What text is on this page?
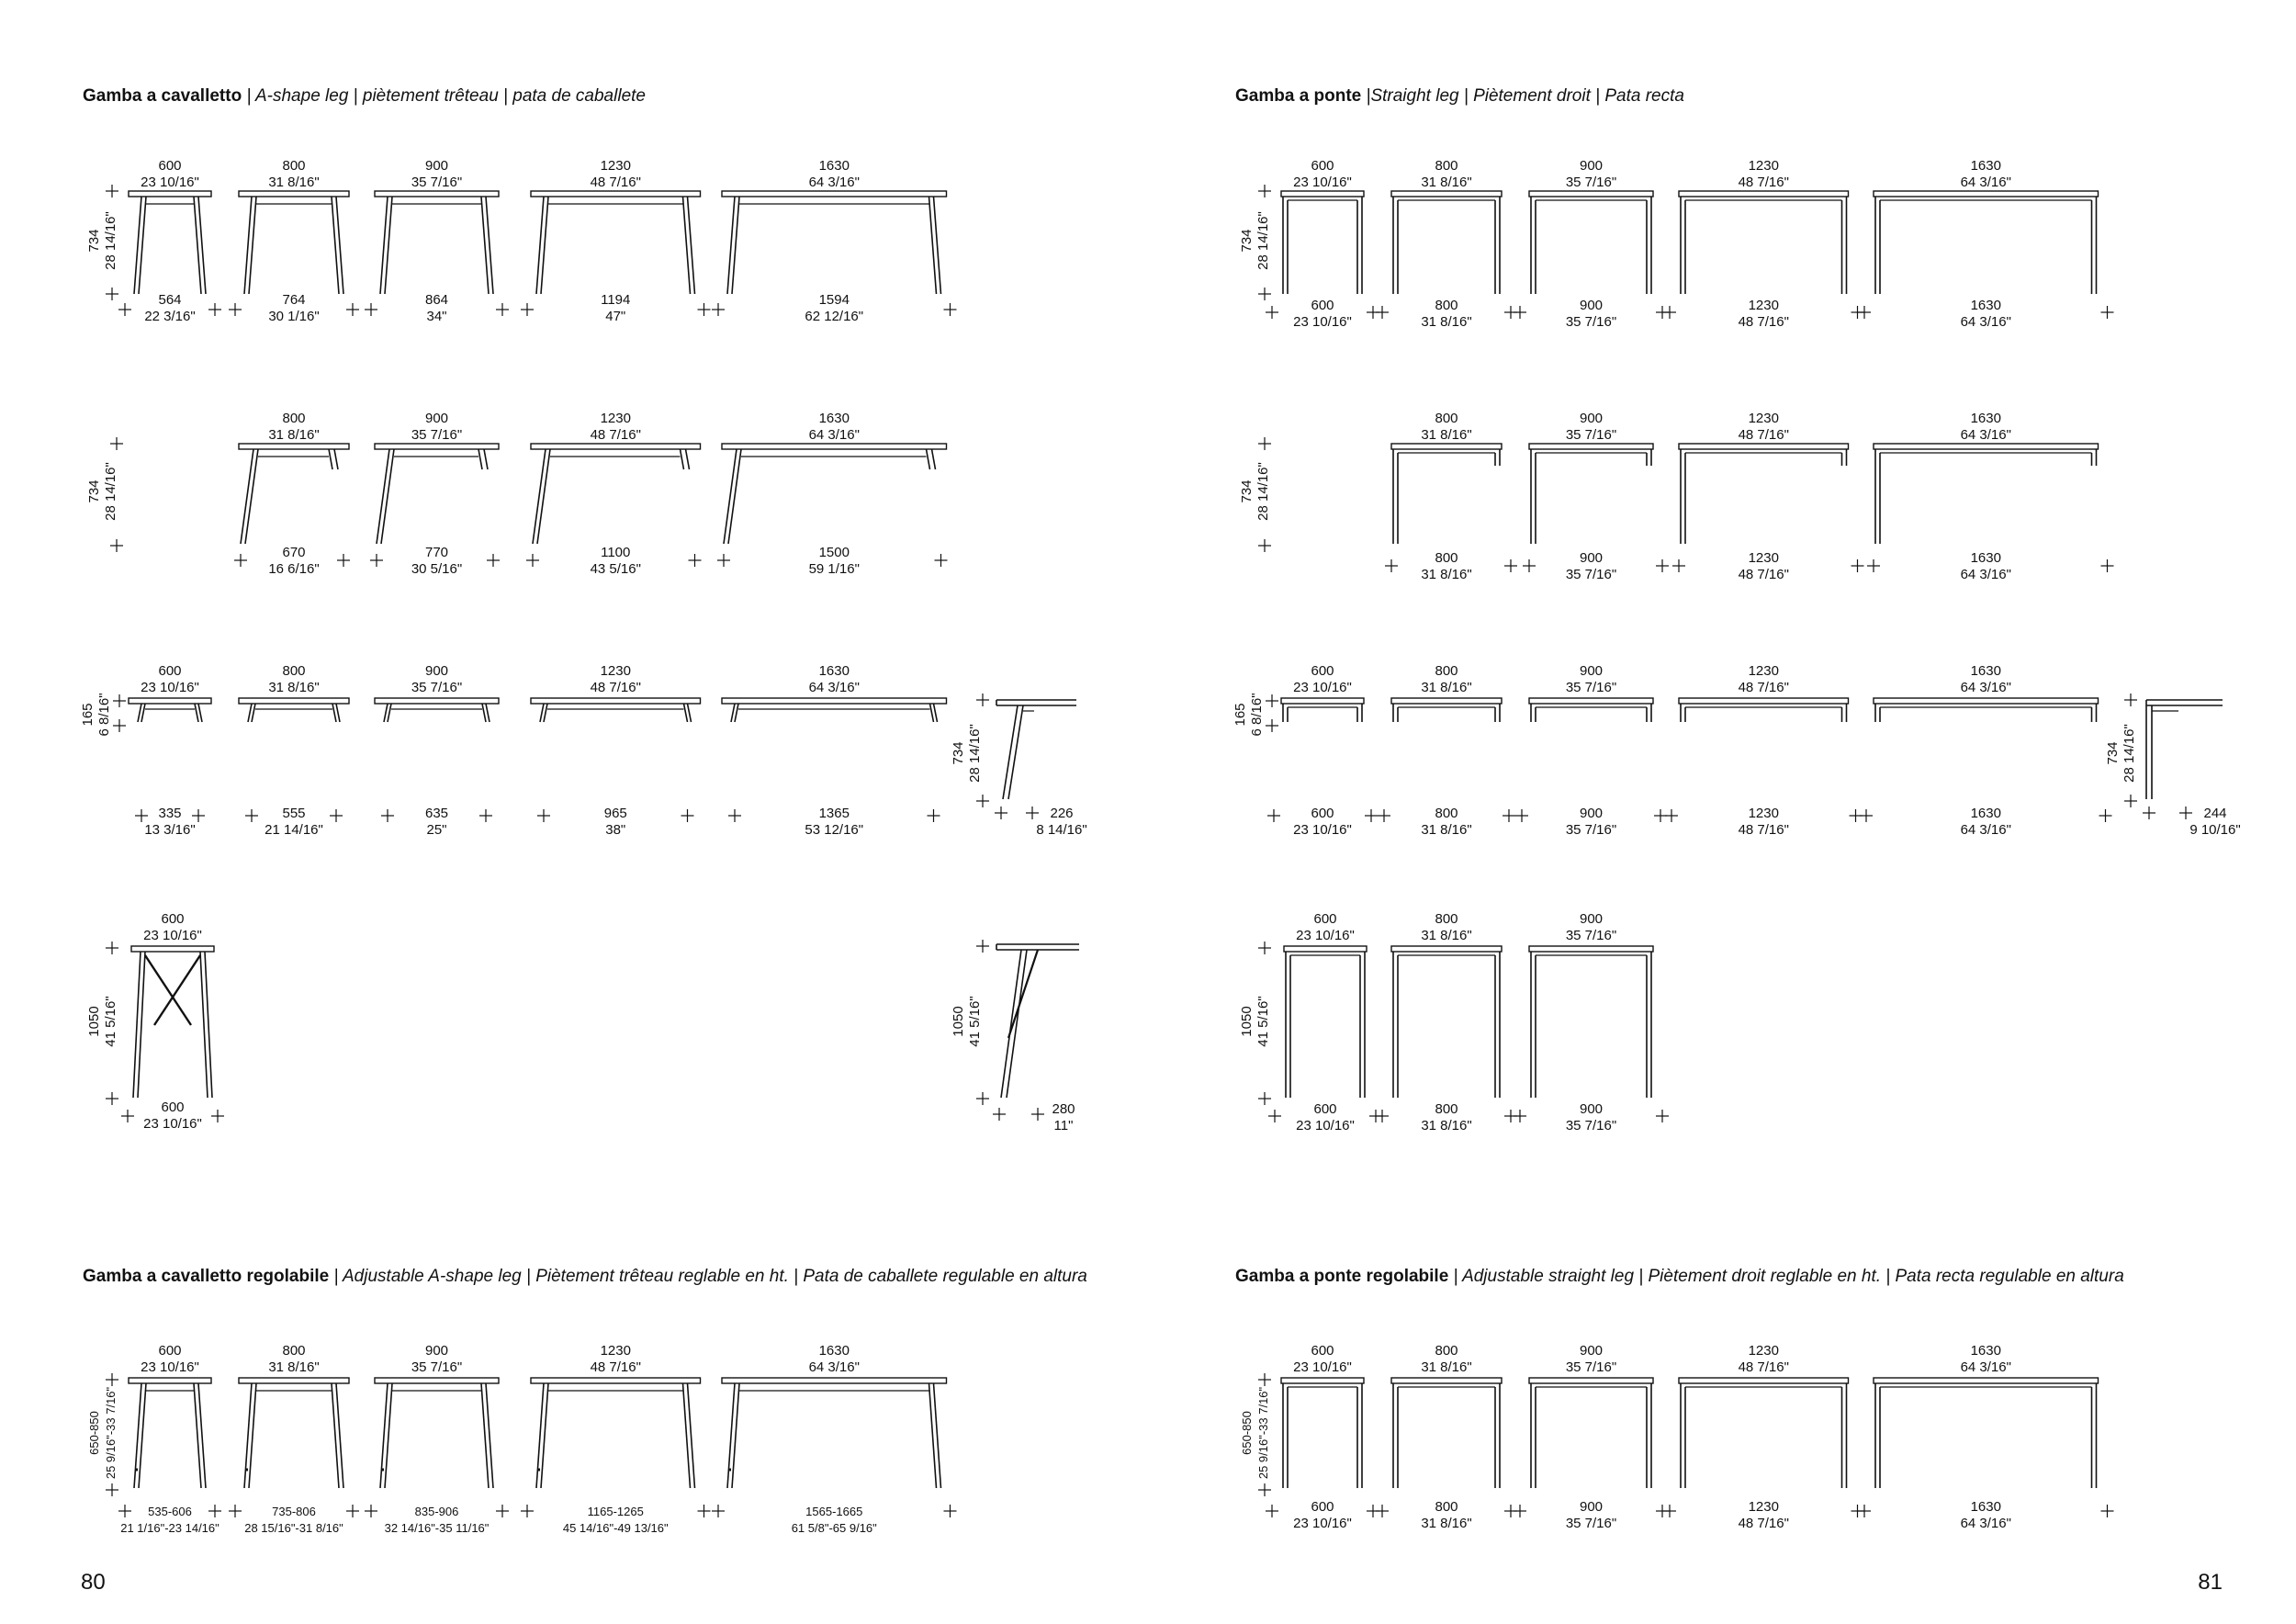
Gamba a cavalletto | A-shape leg | piètement trêteau | pata de caballete	Gamba a ponte |Straight leg | Piètement droit | Pata recta
Gamba a cavalletto regolabile | Adjustable A-shape leg | Piètement trêteau reglable en ht. | Pata de caballete regulable en altura	Gamba a ponte regolabile | Adjustable straight leg | Piètement droit reglable en ht. | Pata recta regulable en altura
734 28 14/16"
600
23 10/16"
564
22 3/16"
800
31 8/16"
764
30 1/16"
900
35 7/16"
864
34"
1230
48 7/16"
1194
47"
1630
64 3/16"
1594
62 12/16"
734 28 14/16"
800
31 8/16"
670
16 6/16"
900
35 7/16"
770
30 5/16"
1230
48 7/16"
1100
43 5/16"
1630
64 3/16"
1500
59 1/16"
165 6 8/16"
600
23 10/16"
335
13 3/16"
800
31 8/16"
555
21 14/16"
900
35 7/16"
635
25"
1230
48 7/16"
965
38"
1630
64 3/16"
1365
53 12/16"
734 28 14/16"
226
8 14/16"
1050 41 5/16"
600
23 10/16"
600
23 10/16"
1050 41 5/16"
280
11"
650-850 25 9/16"-33 7/16"
600
23 10/16"
535-606
21 1/16"-23 14/16"
800
31 8/16"
735-806
28 15/16"-31 8/16"
900
35 7/16"
835-906
32 14/16"-35 11/16"
1230
48 7/16"
1165-1265
45 14/16"-49 13/16"
1630
64 3/16"
1565-1665
61 5/8"-65 9/16"
734 28 14/16"
600
23 10/16"
600
23 10/16"
800
31 8/16"
800
31 8/16"
900
35 7/16"
900
35 7/16"
1230
48 7/16"
1230
48 7/16"
1630
64 3/16"
1630
64 3/16"
734 28 14/16"
800
31 8/16"
800
31 8/16"
900
35 7/16"
900
35 7/16"
1230
48 7/16"
1230
48 7/16"
1630
64 3/16"
1630
64 3/16"
165 6 8/16"
600
23 10/16"
600
23 10/16"
800
31 8/16"
800
31 8/16"
900
35 7/16"
900
35 7/16"
1230
48 7/16"
1230
48 7/16"
1630
64 3/16"
1630
64 3/16"
734 28 14/16"
244
9 10/16"
1050 41 5/16"
600
23 10/16"
600
23 10/16"
800
31 8/16"
800
31 8/16"
900
35 7/16"
900
35 7/16"
650-850 25 9/16"-33 7/16"
600
23 10/16"
600
23 10/16"
800
31 8/16"
800
31 8/16"
900
35 7/16"
900
35 7/16"
1230
48 7/16"
1230
48 7/16"
1630
64 3/16"
1630
64 3/16"
80	81
